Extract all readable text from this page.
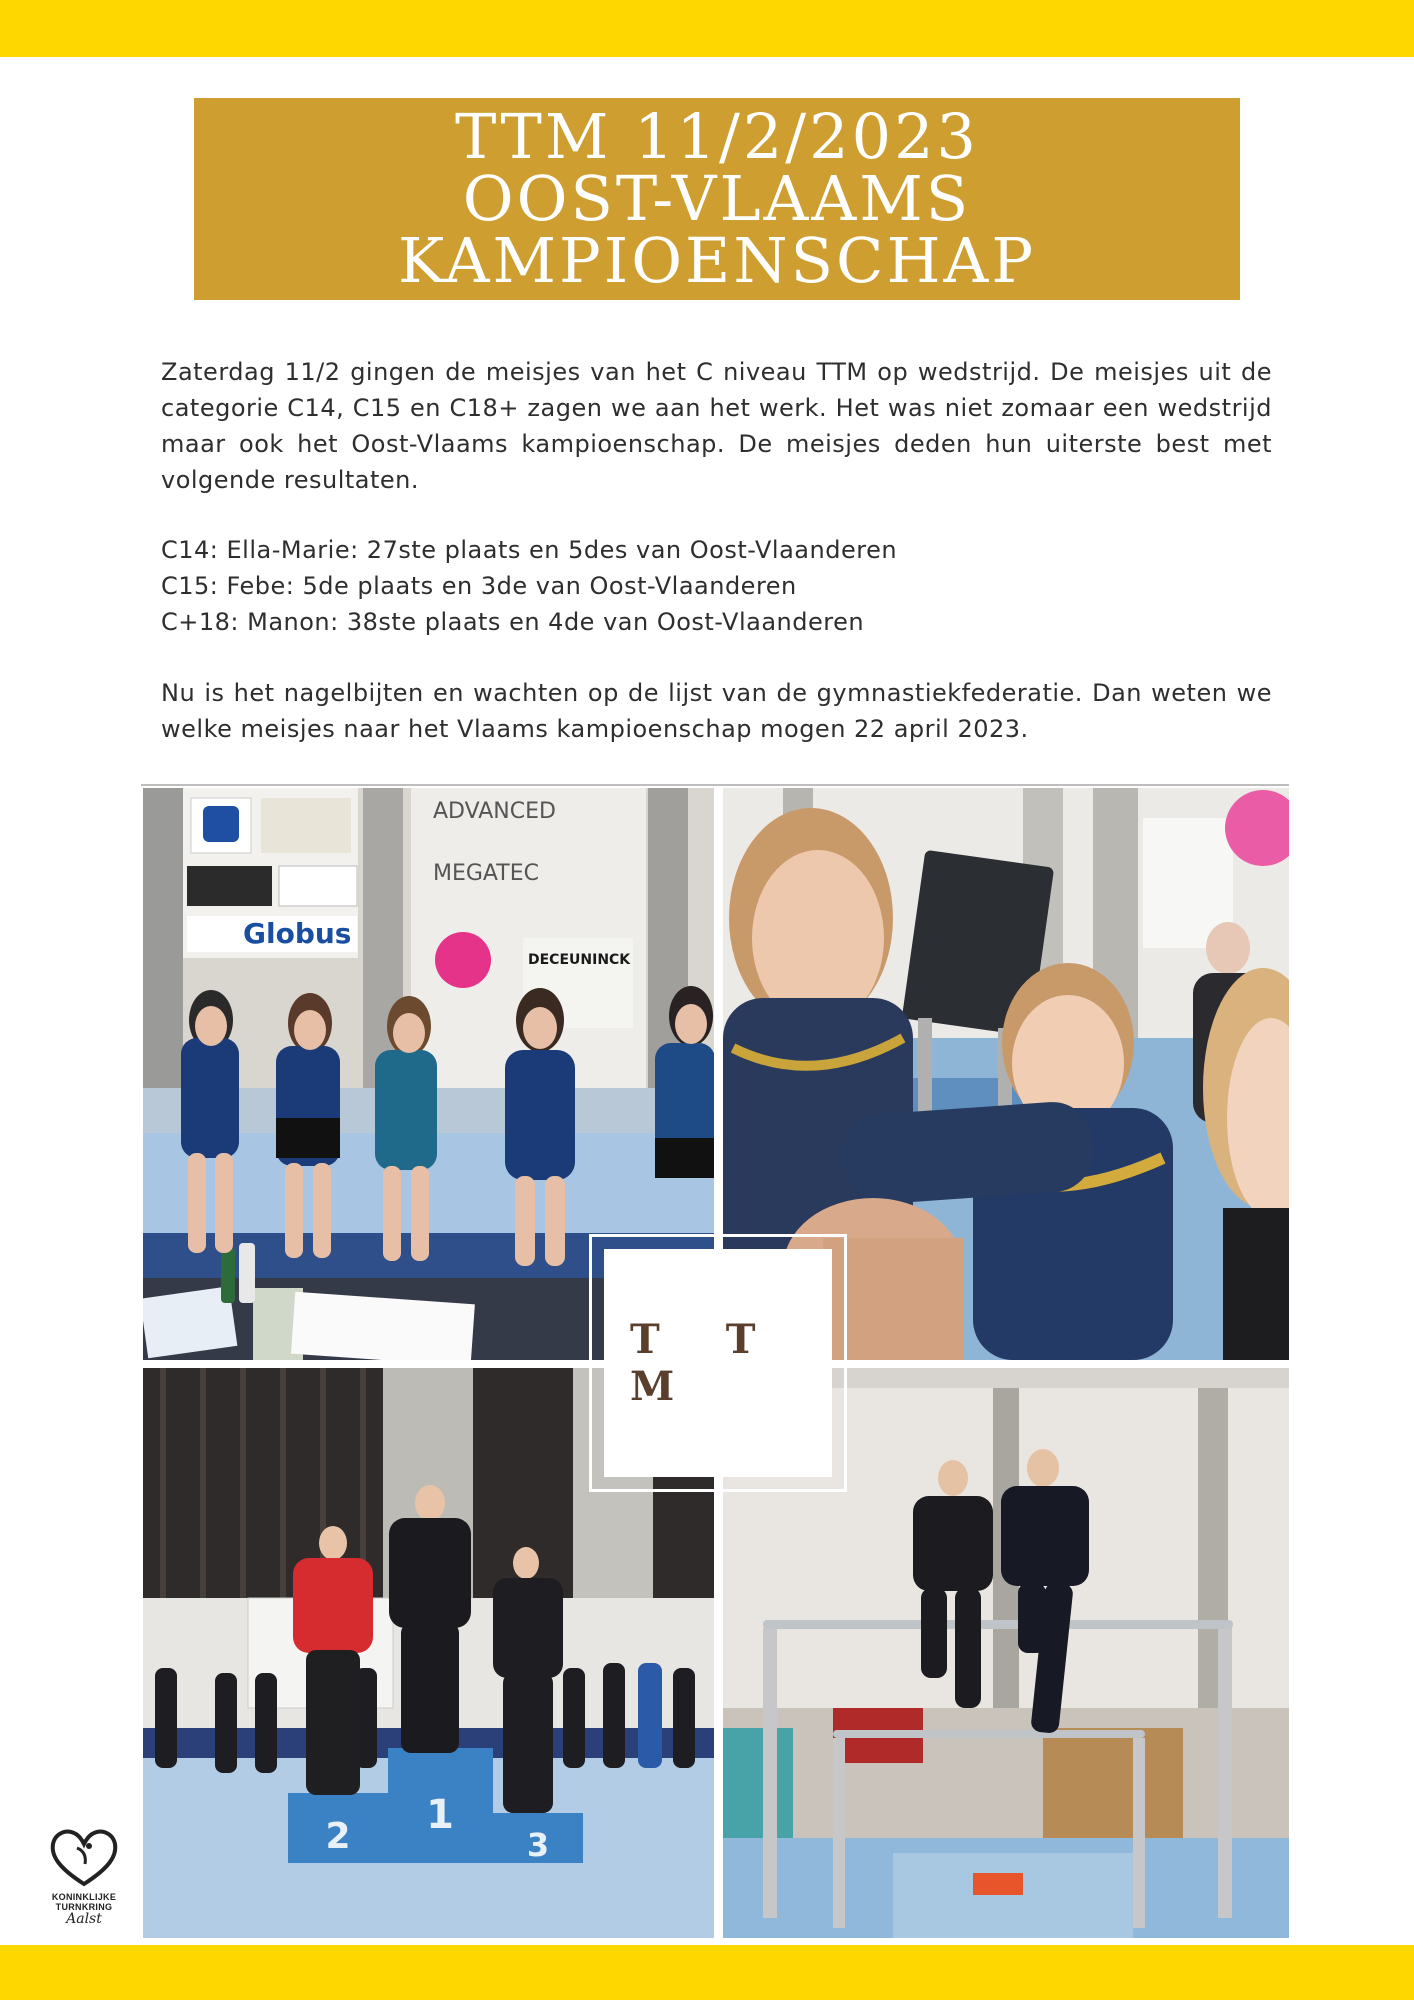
TTM 11/2/2023
OOST-VLAAMS
KAMPIOENSCHAP

Zaterdag 11/2 gingen de meisjes van het C niveau TTM op wedstrijd. De meisjes uit de categorie C14, C15 en C18+ zagen we aan het werk. Het was niet zomaar een wedstrijd maar ook het Oost-Vlaams kampioenschap. De meisjes deden hun uiterste best met volgende resultaten.

C14: Ella-Marie: 27ste plaats en 5des van Oost-Vlaanderen
C15: Febe: 5de plaats en 3de van Oost-Vlaanderen
C+18: Manon: 38ste plaats en 4de van Oost-Vlaanderen

Nu is het nagelbijten en wachten op de lijst van de gymnastiekfederatie. Dan weten we welke meisjes naar het Vlaams kampioenschap mogen 22 april 2023.

Globus
ADVANCED
MEGATEC
DECEUNINCK
2 1
3
T T M
KONINKLIJKE
TURNKRING
Aalst
